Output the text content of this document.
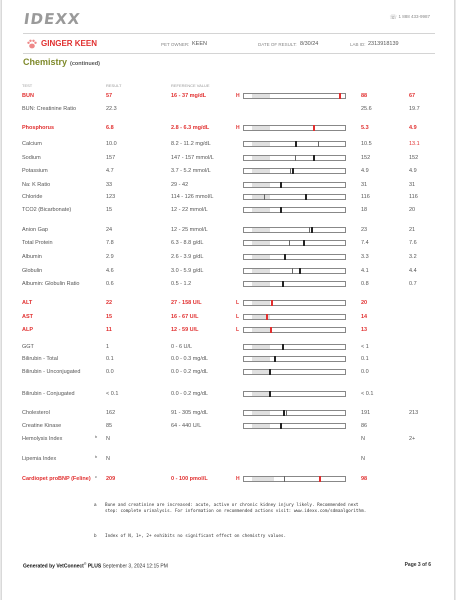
IDEXX	☏1 888 433-9987
GINGER KEEN	PET OWNER: KEEN	DATE OF RESULT: 8/30/24	LAB ID: 2313918139
Chemistry (continued)
TEST	RESULT	REFERENCE VALUE
BUN	57	16 - 37 mg/dL	H	88	67
BUN: Creatinine Ratio	22.3	25.6	19.7
Phosphorus	6.8	2.8 - 6.3 mg/dL	H	5.3	4.9
Calcium	10.0	8.2 - 11.2 mg/dL	10.5	13.1
Sodium	157	147 - 157 mmol/L	152	152
Potassium	4.7	3.7 - 5.2 mmol/L	4.9	4.9
Na: K Ratio	33	29 - 42	31	31
Chloride	123	114 - 126 mmol/L	116	116
TCO2 (Bicarbonate)	15	12 - 22 mmol/L	18	20
Anion Gap	24	12 - 25 mmol/L	23	21
Total Protein	7.8	6.3 - 8.8 g/dL	7.4	7.6
Albumin	2.9	2.6 - 3.9 g/dL	3.3	3.2
Globulin	4.6	3.0 - 5.9 g/dL	4.1	4.4
Albumin: Globulin Ratio	0.6	0.5 - 1.2	0.8	0.7
ALT	22	27 - 158 U/L	L	20
AST	15	16 - 67 U/L	L	14
ALP	11	12 - 59 U/L	L	13
GGT	1	0 - 6 U/L	< 1
Bilirubin - Total	0.1	0.0 - 0.3 mg/dL	0.1
Bilirubin - Unconjugated	0.0	0.0 - 0.2 mg/dL	0.0
Bilirubin - Conjugated	< 0.1	0.0 - 0.2 mg/dL	< 0.1
Cholesterol	162	91 - 305 mg/dL	191	213
Creatine Kinase	85	64 - 440 U/L	86
Hemolysis Index	b N	N	2+
Lipemia Index	b N	N
Cardiopet proBNP (Feline)	c 209	0 - 100 pmol/L	H	98
a Bune and creatinine are increased: acute, active or chronic kidney injury likely. Recommended next step: complete urinalysis. For information on recommended actions visit: www.idexx.com/sdmaalgorithm.
b Index of N, 1+, 2+ exhibits no significant effect on chemistry values.
Generated by VetConnect® PLUS September 3, 2024 12:15 PM	Page 3 of 6
